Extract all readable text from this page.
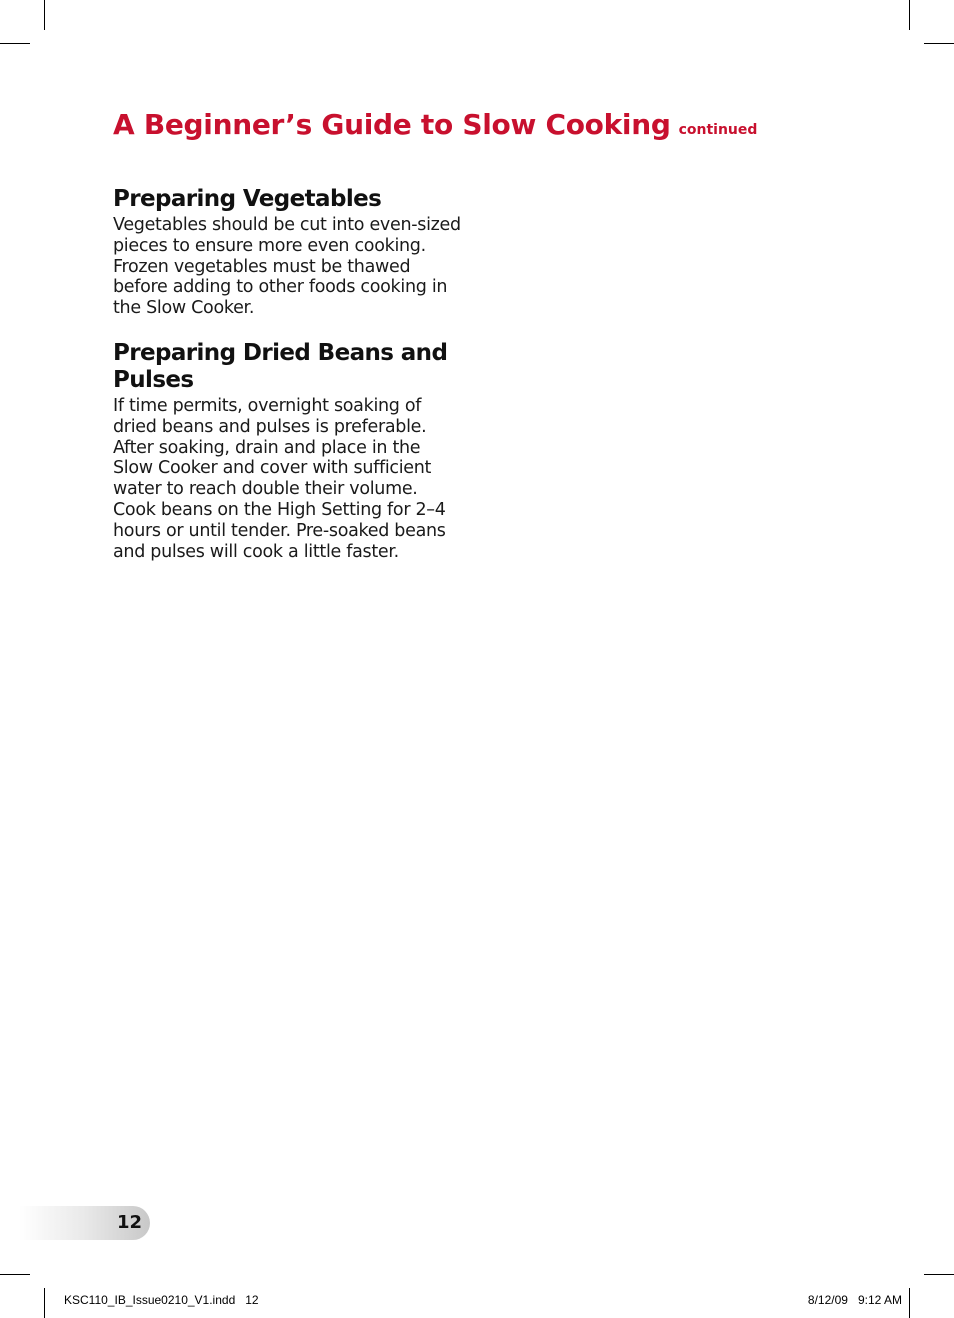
A Beginner’s Guide to Slow Cooking continued
Preparing Vegetables

Vegetables should be cut into even-sized pieces to ensure more even cooking. Frozen vegetables must be thawed before adding to other foods cooking in the Slow Cooker.

Preparing Dried Beans and Pulses

If time permits, overnight soaking of dried beans and pulses is preferable. After soaking, drain and place in the Slow Cooker and cover with sufficient water to reach double their volume. Cook beans on the High Setting for 2–4 hours or until tender. Pre-soaked beans and pulses will cook a little faster.

12
KSC110_IB_Issue0210_V1.indd   12	8/12/09   9:12 AM
